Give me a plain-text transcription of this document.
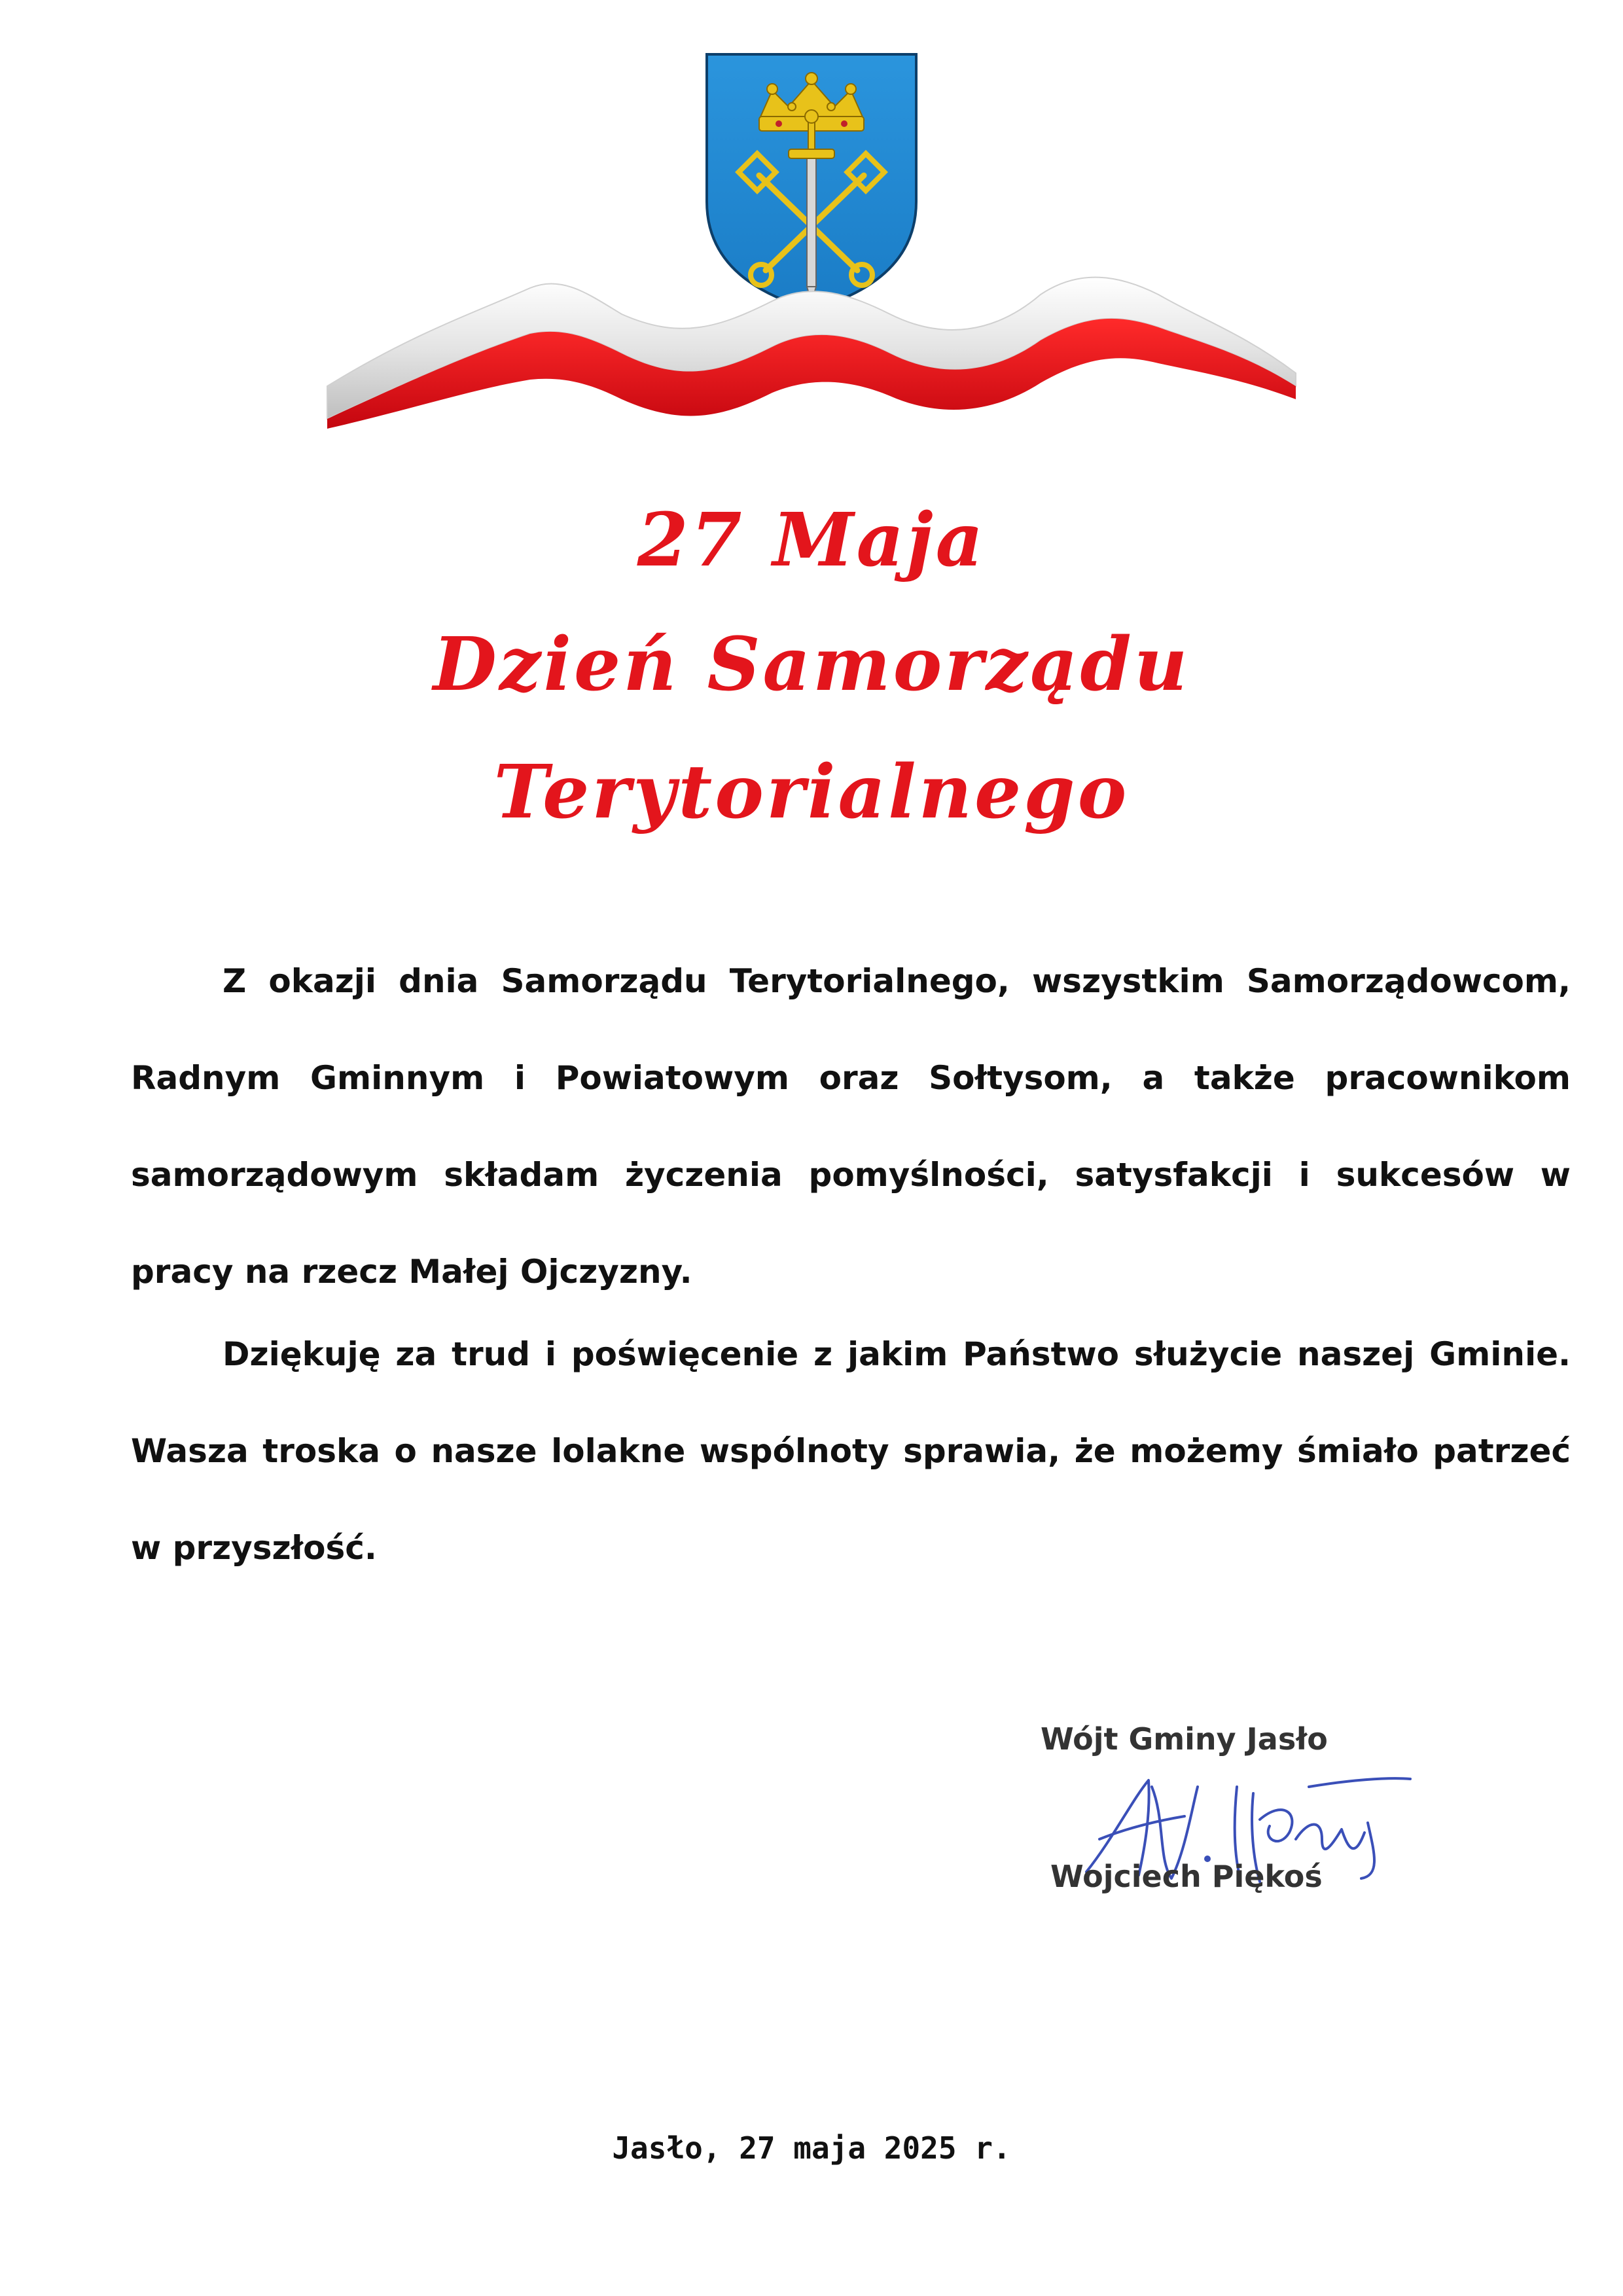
27 Maja
Dzień Samorządu
Terytorialnego

Z okazji dnia Samorządu Terytorialnego, wszystkim Samorządowcom, Radnym Gminnym i Powiatowym oraz Sołtysom, a także pracownikom samorządowym składam życzenia pomyślności, satysfakcji i sukcesów w pracy na rzecz Małej Ojczyzny.

Dziękuję za trud i poświęcenie z jakim Państwo służycie naszej Gminie. Wasza troska o nasze lolakne wspólnoty sprawia, że możemy śmiało patrzeć w przyszłość.

Wójt Gminy Jasło
Wojciech Piękoś
Jasło, 27 maja 2025 r.
